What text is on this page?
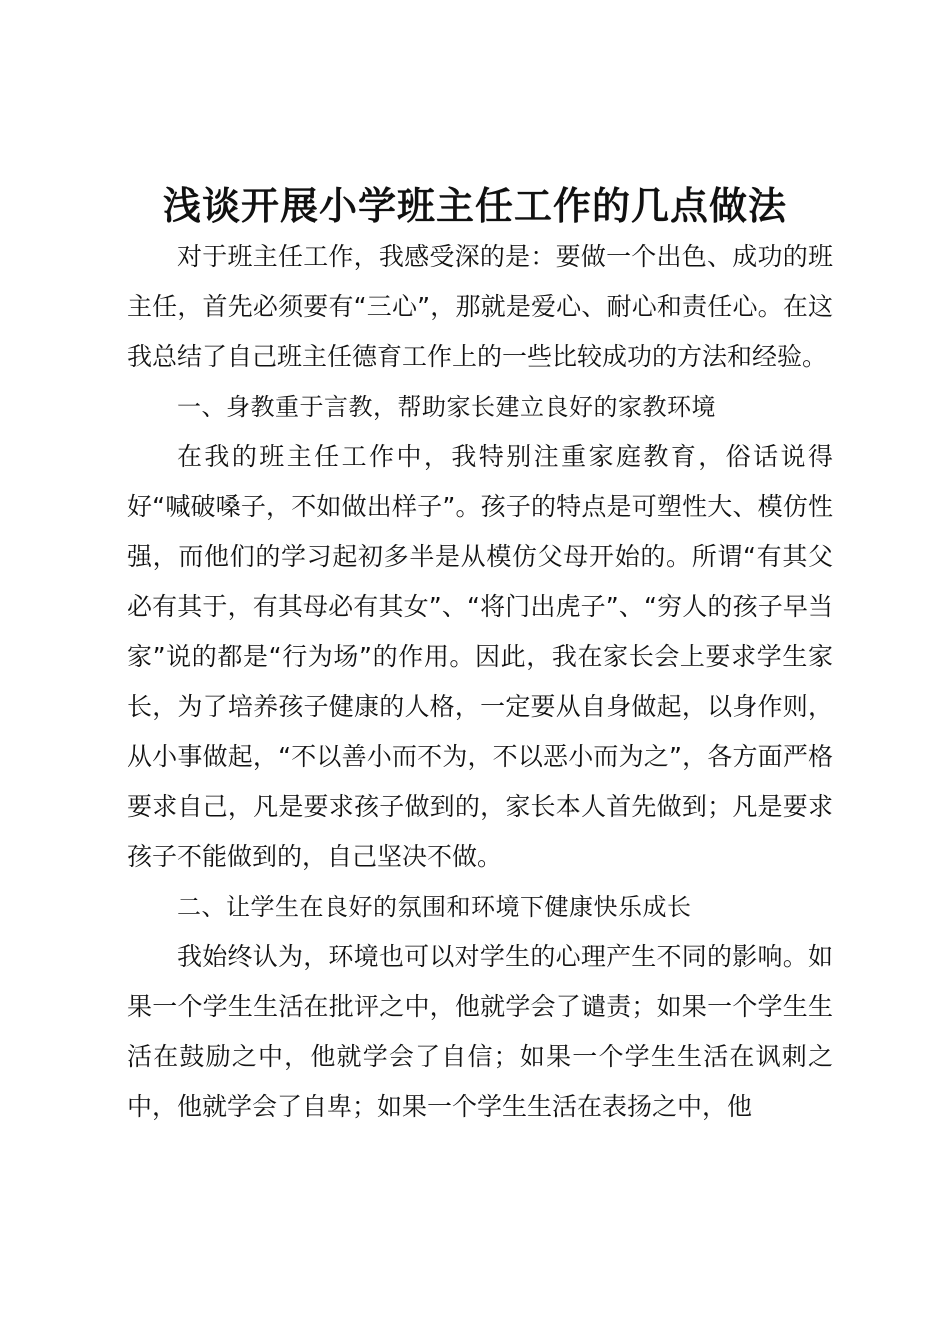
浅谈开展小学班主任工作的几点做法

对于班主任工作，我感受深的是：要做一个出色、成功的班主任，首先必须要有“三心”，那就是爱心、耐心和责任心。在这我总结了自己班主任德育工作上的一些比较成功的方法和经验。

一、身教重于言教，帮助家长建立良好的家教环境

在我的班主任工作中，我特别注重家庭教育，俗话说得好“喊破嗓子，不如做出样子”。孩子的特点是可塑性大、模仿性强，而他们的学习起初多半是从模仿父母开始的。所谓“有其父必有其于，有其母必有其女”、“将门出虎子”、“穷人的孩子早当家”说的都是“行为场”的作用。因此，我在家长会上要求学生家长，为了培养孩子健康的人格，一定要从自身做起，以身作则，从小事做起，“不以善小而不为，不以恶小而为之”，各方面严格要求自己，凡是要求孩子做到的，家长本人首先做到；凡是要求孩子不能做到的，自己坚决不做。

二、让学生在良好的氛围和环境下健康快乐成长

我始终认为，环境也可以对学生的心理产生不同的影响。如果一个学生生活在批评之中，他就学会了谴责；如果一个学生生活在鼓励之中，他就学会了自信；如果一个学生生活在讽刺之中，他就学会了自卑；如果一个学生生活在表扬之中，他
